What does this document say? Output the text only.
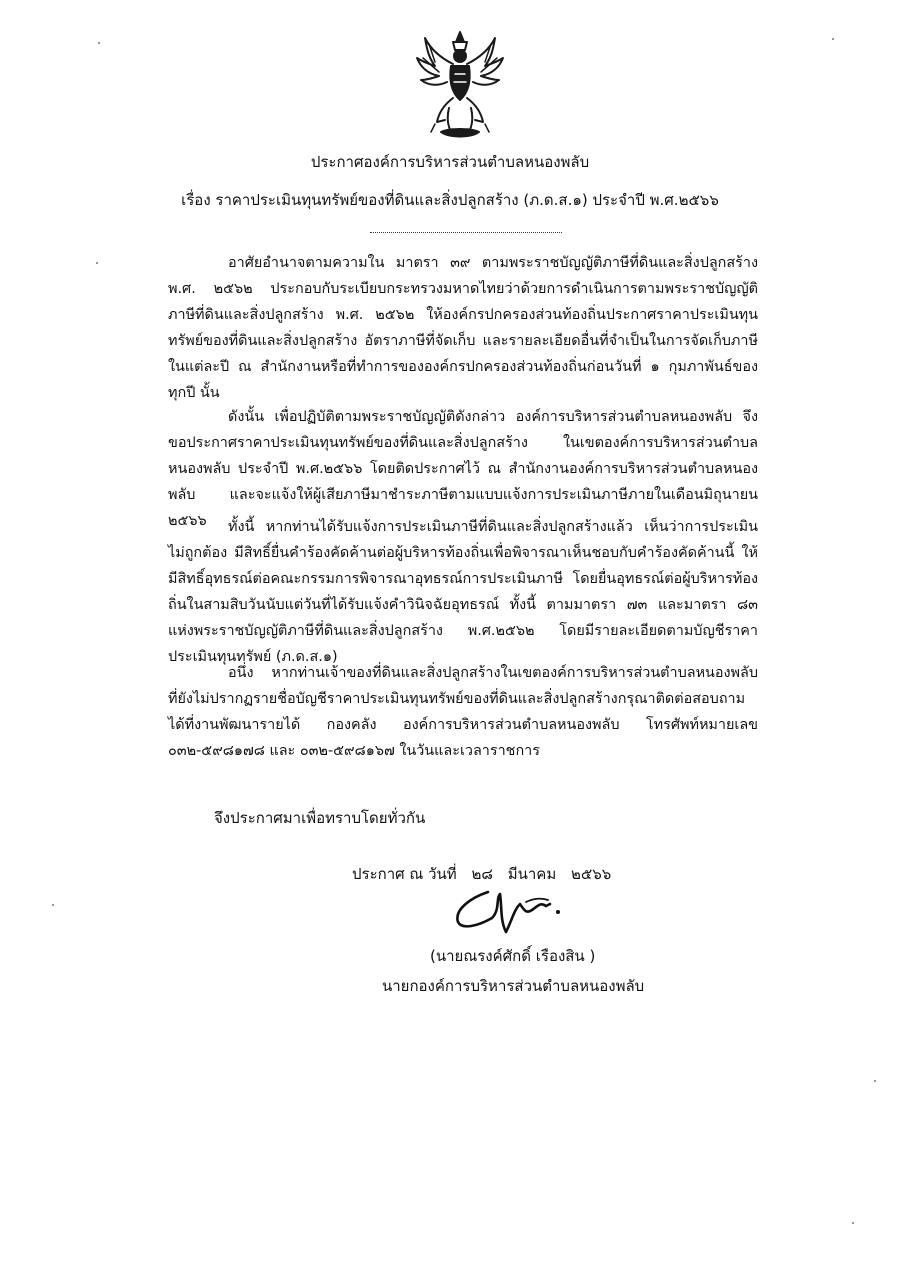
ประกาศองค์การบริหารส่วนตำบลหนองพลับ
เรื่อง ราคาประเมินทุนทรัพย์ของที่ดินและสิ่งปลูกสร้าง (ภ.ด.ส.๑) ประจำปี พ.ศ.๒๕๖๖
อาศัยอำนาจตามความใน มาตรา ๓๙ ตามพระราชบัญญัติภาษีที่ดินและสิ่งปลูกสร้าง พ.ศ. ๒๕๖๒ ประกอบกับระเบียบกระทรวงมหาดไทยว่าด้วยการดำเนินการตามพระราชบัญญัติภาษีที่ดินและสิ่งปลูกสร้าง พ.ศ. ๒๕๖๒ ให้องค์กรปกครองส่วนท้องถิ่นประกาศราคาประเมินทุนทรัพย์ของที่ดินและสิ่งปลูกสร้าง อัตราภาษีที่จัดเก็บ และรายละเอียดอื่นที่จำเป็นในการจัดเก็บภาษีในแต่ละปี ณ สำนักงานหรือที่ทำการขององค์กรปกครองส่วนท้องถิ่นก่อนวันที่ ๑ กุมภาพันธ์ของทุกปี นั้น
ดังนั้น เพื่อปฏิบัติตามพระราชบัญญัติดังกล่าว องค์การบริหารส่วนตำบลหนองพลับ จึงขอประกาศราคาประเมินทุนทรัพย์ของที่ดินและสิ่งปลูกสร้าง ในเขตองค์การบริหารส่วนตำบลหนองพลับ ประจำปี พ.ศ.๒๕๖๖ โดยติดประกาศไว้ ณ สำนักงานองค์การบริหารส่วนตำบลหนองพลับ และจะแจ้งให้ผู้เสียภาษีมาชำระภาษีตามแบบแจ้งการประเมินภาษีภายในเดือนมิถุนายน ๒๕๖๖	ทั้งนี้ หากท่านได้รับแจ้งการประเมินภาษีที่ดินและสิ่งปลูกสร้างแล้ว เห็นว่าการประเมินไม่ถูกต้อง มีสิทธิ์ยื่นคำร้องคัดค้านต่อผู้บริหารท้องถิ่นเพื่อพิจารณาเห็นชอบกับคำร้องคัดค้านนี้ ให้มีสิทธิ์อุทธรณ์ต่อคณะกรรมการพิจารณาอุทธรณ์การประเมินภาษี โดยยื่นอุทธรณ์ต่อผู้บริหารท้องถิ่นในสามสิบวันนับแต่วันที่ได้รับแจ้งคำวินิจฉัยอุทธรณ์ ทั้งนี้ ตามมาตรา ๗๓ และมาตรา ๘๓ แห่งพระราชบัญญัติภาษีที่ดินและสิ่งปลูกสร้าง พ.ศ.๒๕๖๒ โดยมีรายละเอียดตามบัญชีราคาประเมินทุนทรัพย์ (ภ.ด.ส.๑)
อนึ่ง หากท่านเจ้าของที่ดินและสิ่งปลูกสร้างในเขตองค์การบริหารส่วนตำบลหนองพลับ ที่ยังไม่ปรากฏรายชื่อบัญชีราคาประเมินทุนทรัพย์ของที่ดินและสิ่งปลูกสร้างกรุณาติดต่อสอบถามได้ที่งานพัฒนารายได้ กองคลัง องค์การบริหารส่วนตำบลหนองพลับ โทรศัพท์หมายเลข ๐๓๒-๕๙๘๑๗๘ และ ๐๓๒-๕๙๘๑๖๗ ในวันและเวลาราชการ
จึงประกาศมาเพื่อทราบโดยทั่วกัน
ประกาศ ณ วันที่ ๒๘ มีนาคม ๒๕๖๖
(นายณรงค์ศักดิ์ เรืองสิน )
นายกองค์การบริหารส่วนตำบลหนองพลับ
